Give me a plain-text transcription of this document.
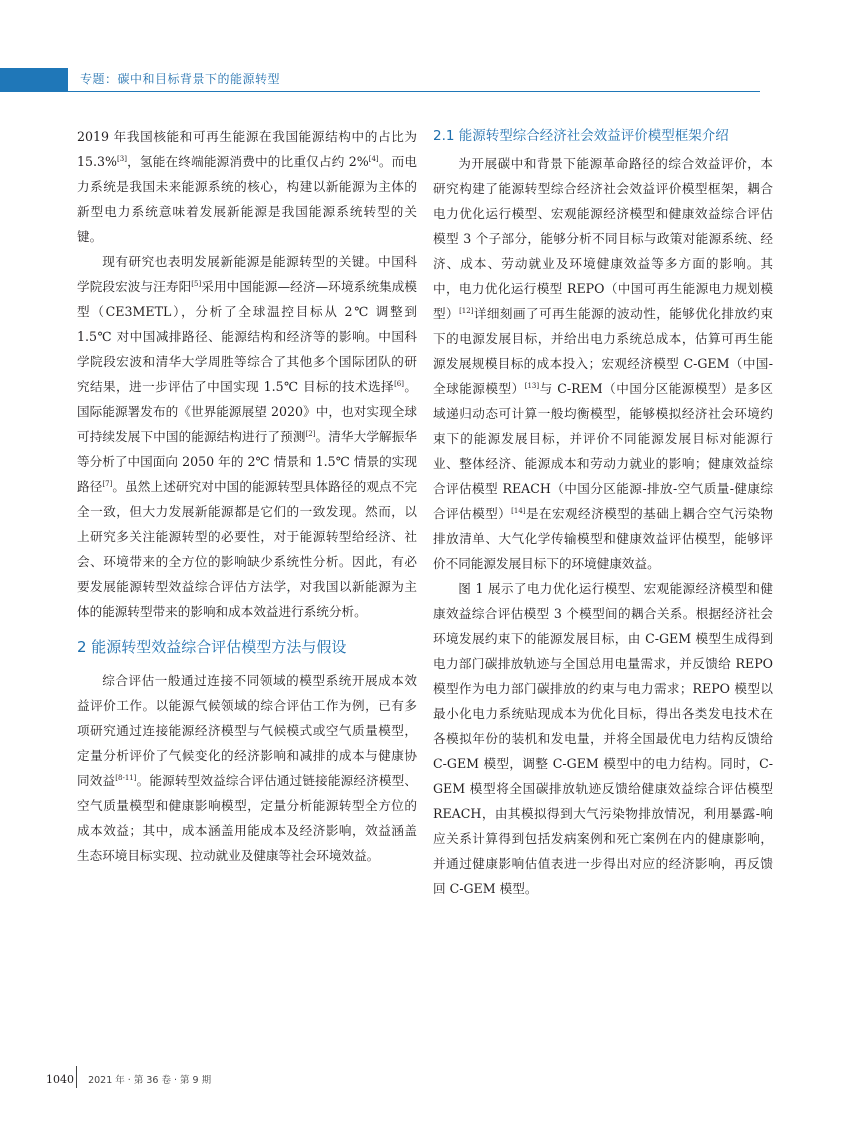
专题：碳中和目标背景下的能源转型

2019 年我国核能和可再生能源在我国能源结构中的占比为 15.3%[3]，氢能在终端能源消费中的比重仅占约 2%[4]。而电力系统是我国未来能源系统的核心，构建以新能源为主体的新型电力系统意味着发展新能源是我国能源系统转型的关键。

现有研究也表明发展新能源是能源转型的关键。中国科学院段宏波与汪寿阳[5]采用中国能源—经济—环境系统集成模型（CE3METL），分析了全球温控目标从 2℃ 调整到 1.5℃ 对中国减排路径、能源结构和经济等的影响。中国科学院段宏波和清华大学周胜等综合了其他多个国际团队的研究结果，进一步评估了中国实现 1.5℃ 目标的技术选择[6]。国际能源署发布的《世界能源展望 2020》中，也对实现全球可持续发展下中国的能源结构进行了预测[2]。清华大学解振华等分析了中国面向 2050 年的 2℃ 情景和 1.5℃ 情景的实现路径[7]。虽然上述研究对中国的能源转型具体路径的观点不完全一致，但大力发展新能源都是它们的一致发现。然而，以上研究多关注能源转型的必要性，对于能源转型给经济、社会、环境带来的全方位的影响缺少系统性分析。因此，有必要发展能源转型效益综合评估方法学，对我国以新能源为主体的能源转型带来的影响和成本效益进行系统分析。

2 能源转型效益综合评估模型方法与假设

综合评估一般通过连接不同领域的模型系统开展成本效益评价工作。以能源气候领域的综合评估工作为例，已有多项研究通过连接能源经济模型与气候模式或空气质量模型，定量分析评价了气候变化的经济影响和减排的成本与健康协同效益[8-11]。能源转型效益综合评估通过链接能源经济模型、空气质量模型和健康影响模型，定量分析能源转型全方位的成本效益；其中，成本涵盖用能成本及经济影响，效益涵盖生态环境目标实现、拉动就业及健康等社会环境效益。

2.1 能源转型综合经济社会效益评价模型框架介绍

为开展碳中和背景下能源革命路径的综合效益评价，本研究构建了能源转型综合经济社会效益评价模型框架，耦合电力优化运行模型、宏观能源经济模型和健康效益综合评估模型 3 个子部分，能够分析不同目标与政策对能源系统、经济、成本、劳动就业及环境健康效益等多方面的影响。其中，电力优化运行模型 REPO（中国可再生能源电力规划模型）[12]详细刻画了可再生能源的波动性，能够优化排放约束下的电源发展目标，并给出电力系统总成本，估算可再生能源发展规模目标的成本投入；宏观经济模型 C-GEM（中国-全球能源模型）[13]与 C-REM（中国分区能源模型）是多区域递归动态可计算一般均衡模型，能够模拟经济社会环境约束下的能源发展目标，并评价不同能源发展目标对能源行业、整体经济、能源成本和劳动力就业的影响；健康效益综合评估模型 REACH（中国分区能源-排放-空气质量-健康综合评估模型）[14]是在宏观经济模型的基础上耦合空气污染物排放清单、大气化学传输模型和健康效益评估模型，能够评价不同能源发展目标下的环境健康效益。

图 1 展示了电力优化运行模型、宏观能源经济模型和健康效益综合评估模型 3 个模型间的耦合关系。根据经济社会环境发展约束下的能源发展目标，由 C-GEM 模型生成得到电力部门碳排放轨迹与全国总用电量需求，并反馈给 REPO 模型作为电力部门碳排放的约束与电力需求；REPO 模型以最小化电力系统贴现成本为优化目标，得出各类发电技术在各模拟年份的装机和发电量，并将全国最优电力结构反馈给 C-GEM 模型，调整 C-GEM 模型中的电力结构。同时，C-GEM 模型将全国碳排放轨迹反馈给健康效益综合评估模型 REACH，由其模拟得到大气污染物排放情况，利用暴露-响应关系计算得到包括发病案例和死亡案例在内的健康影响，并通过健康影响估值表进一步得出对应的经济影响，再反馈回 C-GEM 模型。

1040 2021 年 · 第 36 卷 · 第 9 期
